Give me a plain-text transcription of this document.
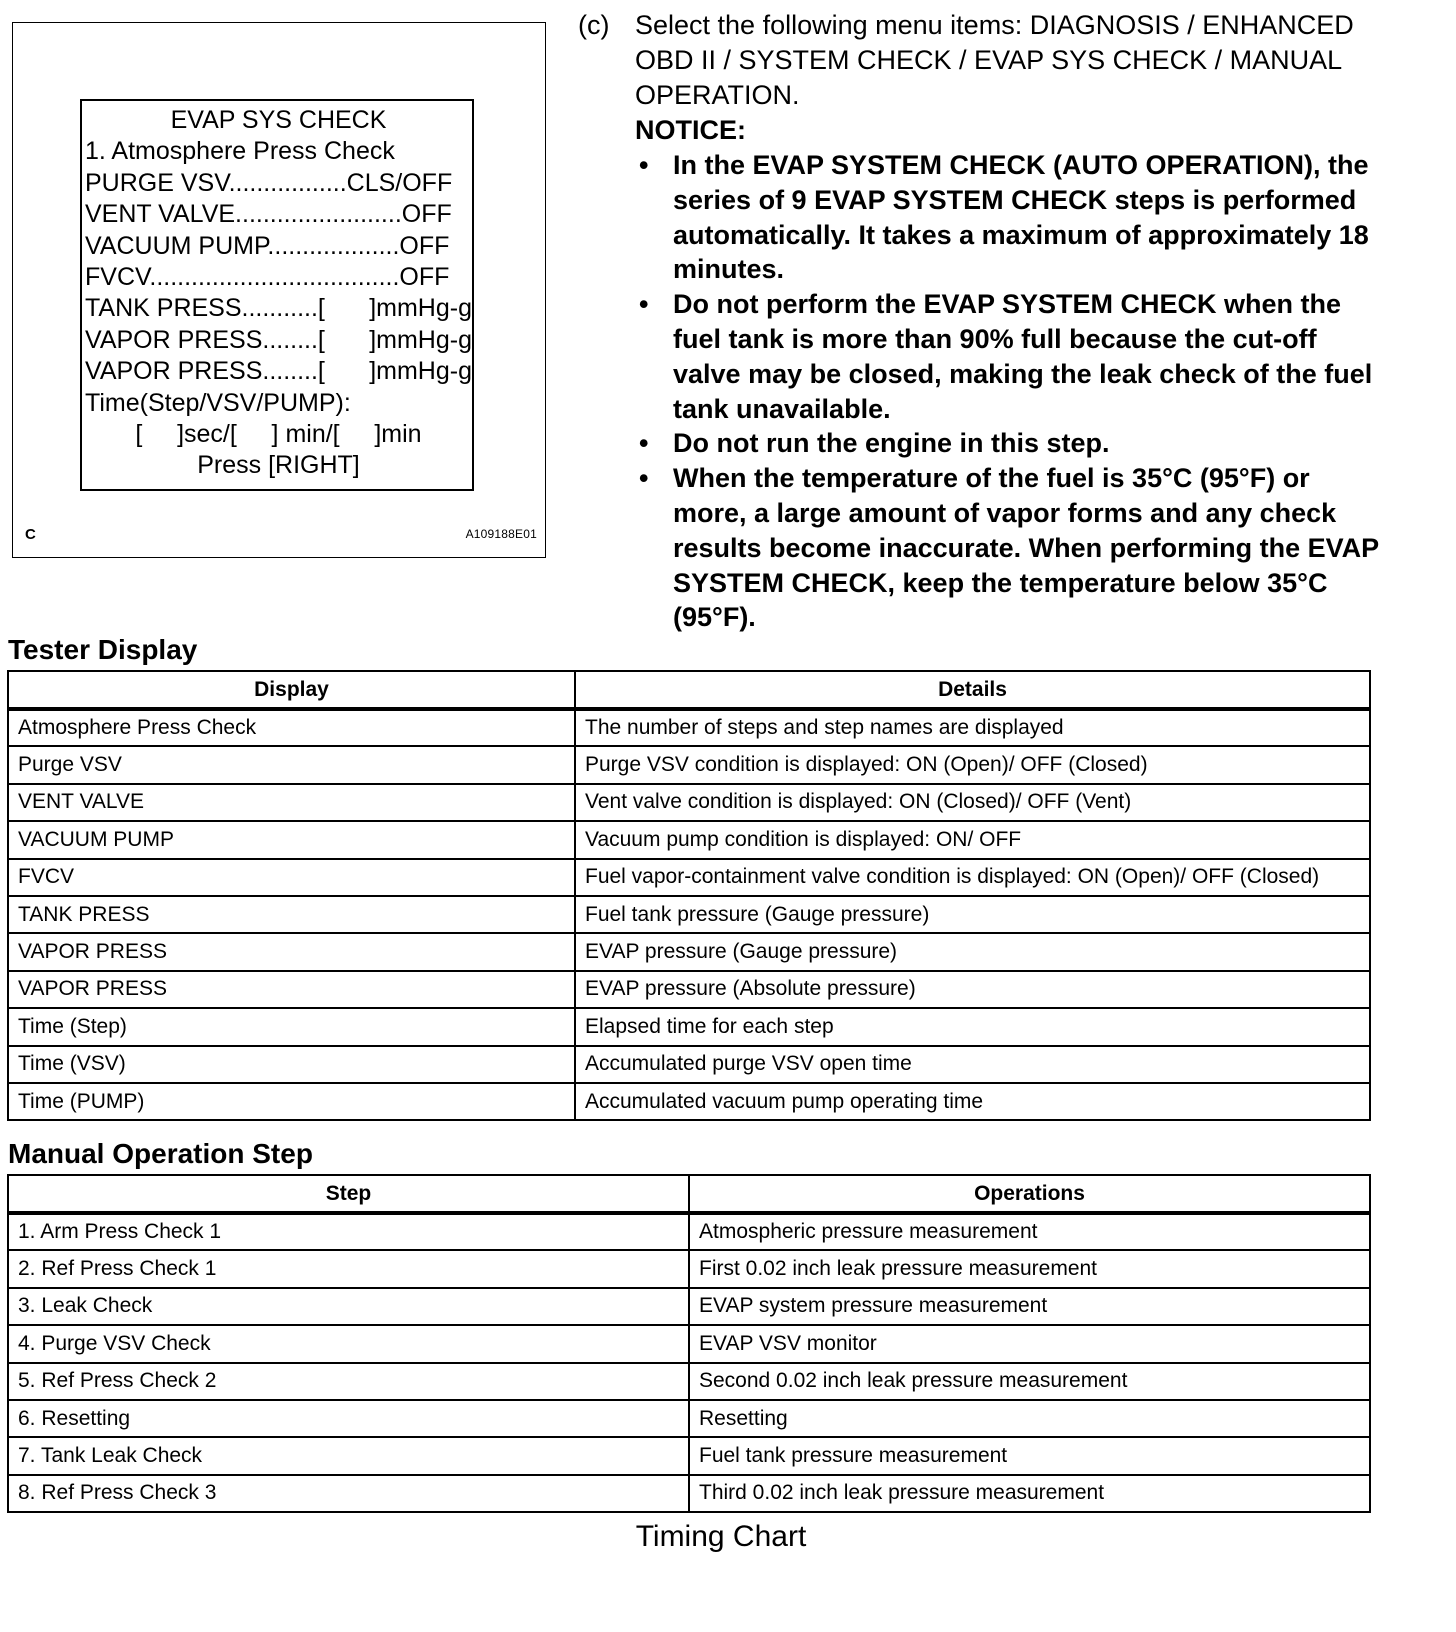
EVAP SYS CHECK
1. Atmosphere Press Check
PURGE VSV.................CLS/OFF
VENT VALVE........................OFF
VACUUM PUMP...................OFF
FVCV....................................OFF
TANK PRESS...........[ ]mmHg-g
VAPOR PRESS........[ ]mmHg-g
VAPOR PRESS........[ ]mmHg-g
Time(Step/VSV/PUMP):
[     ]sec/[     ] min/[     ]min
Press [RIGHT]
C	A109188E01
(c) Select the following menu items: DIAGNOSIS / ENHANCED OBD II / SYSTEM CHECK / EVAP SYS CHECK / MANUAL OPERATION.
NOTICE:
• In the EVAP SYSTEM CHECK (AUTO OPERATION), the series of 9 EVAP SYSTEM CHECK steps is performed automatically. It takes a maximum of approximately 18 minutes.
• Do not perform the EVAP SYSTEM CHECK when the fuel tank is more than 90% full because the cut-off valve may be closed, making the leak check of the fuel tank unavailable.
• Do not run the engine in this step.
• When the temperature of the fuel is 35°C (95°F) or more, a large amount of vapor forms and any check results become inaccurate. When performing the EVAP SYSTEM CHECK, keep the temperature below 35°C (95°F).
Tester Display
Display	Details
Atmosphere Press Check	The number of steps and step names are displayed
Purge VSV	Purge VSV condition is displayed: ON (Open)/ OFF (Closed)
VENT VALVE	Vent valve condition is displayed: ON (Closed)/ OFF (Vent)
VACUUM PUMP	Vacuum pump condition is displayed: ON/ OFF
FVCV	Fuel vapor-containment valve condition is displayed: ON (Open)/ OFF (Closed)
TANK PRESS	Fuel tank pressure (Gauge pressure)
VAPOR PRESS	EVAP pressure (Gauge pressure)
VAPOR PRESS	EVAP pressure (Absolute pressure)
Time (Step)	Elapsed time for each step
Time (VSV)	Accumulated purge VSV open time
Time (PUMP)	Accumulated vacuum pump operating time
Manual Operation Step
Step	Operations
1. Arm Press Check 1	Atmospheric pressure measurement
2. Ref Press Check 1	First 0.02 inch leak pressure measurement
3. Leak Check	EVAP system pressure measurement
4. Purge VSV Check	EVAP VSV monitor
5. Ref Press Check 2	Second 0.02 inch leak pressure measurement
6. Resetting	Resetting
7. Tank Leak Check	Fuel tank pressure measurement
8. Ref Press Check 3	Third 0.02 inch leak pressure measurement
Timing Chart
